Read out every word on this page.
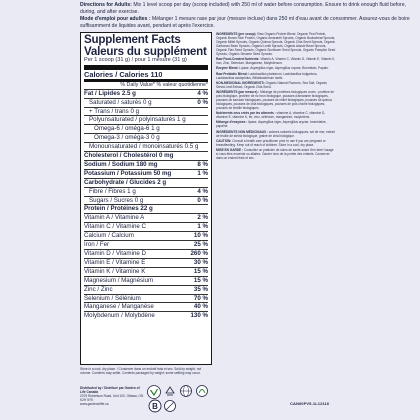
Directions for Adults: Mix 1 level scoop per day (scoop included) with 250 ml of water before consumption. Ensure to drink enough fluid before, during, and after exercise.

Mode d'emploi pour adultes : Mélanger 1 mesure rase par jour (mesure incluse) dans 250 ml d'eau avant de consommer. Assurez-vous de boire suffisamment de liquides avant, pendant et après l'exercice.

Supplement Facts
Valeurs du supplément
Per 1 scoop (31 g) / pour 1 mesure (31 g)
Calories / Calories 110
% Daily Value* % valeur quotidienne*
Fat / Lipides 2.5 g	4 %
Saturated / saturés 0 g	0 %
+ Trans / trans 0 g
Polyunsaturated / polyinsaturés 1 g
Omega-6 / oméga-6 1 g
Omega-3 / oméga-3 0 g
Monounsaturated / monoinsaturés 0.5 g
Cholesterol / Cholestérol 0 mg
Sodium / Sodium 180 mg	8 %
Potassium / Potassium 50 mg	1 %
Carbohydrate / Glucides 2 g
Fibre / Fibres 1 g	4 %
Sugars / Sucres 0 g	0 %
Protein / Protéines 22 g
Vitamin A / Vitamine A	2 %
Vitamin C / Vitamine C	1 %
Calcium / Calcium	10 %
Iron / Fer	25 %
Vitamin D / Vitamine D	260 %
Vitamin E / Vitamine E	30 %
Vitamin K / Vitamine K	15 %
Magnesium / Magnésium	15 %
Zinc / Zinc	35 %
Selenium / Sélénium	70 %
Manganese / Manganèse	40 %
Molybdenum / Molybdène	130 %

INGREDIENTS (per scoop): Raw Organic Protein Blend: Organic Pea Protein, Organic Brown Rice Protein, Organic Amaranth Sprouts, Organic Buckwheat Sprouts, Organic Millet Sprouts, Organic Quinoa Sprouts, Organic Chia Seed Sprouts, Organic Garbanzo Bean Sprouts, Organic Lentil Sprouts, Organic Adzuki Bean Sprouts, Organic Flax Seed Sprouts, Organic Sunflower Seed Sprouts, Organic Pumpkin Seed Sprouts, Organic Sesame Seed Sprouts.

Raw Food-Created Nutrients: Vitamin A, Vitamin C, Vitamin D, Vitamin E, Vitamin K, Iron, Zinc, Selenium, Manganese, Molybdenum.

Enzyme Blend: Lipase, Aspergillus niger, Aspergillus oryzae, Bromelain, Papain.

Raw Probiotic Blend: Lactobacillus plantarum, Lactobacillus bulgaricus, Lactobacillus acidophilus, Bifidobacterium lactis.

NON-MEDICINAL INGREDIENTS: Organic Natural Flavours, Sea Salt, Organic Stevia Leaf Extract, Organic Chia Seed.

INGRÉDIENTS (par mesure) : Mélange de protéines biologiques crues : protéine de pois biologique, protéine de riz brun biologique, pousses d'amarante biologiques, pousses de sarrasin biologiques, pousses de millet biologiques, pousses de quinoa biologiques, pousses de chia biologiques, pousses de pois chiche biologiques, pousses de lentille biologiques.

Nutriments crus créés par les aliments : vitamine A, vitamine C, vitamine D, vitamine E, vitamine K, fer, zinc, sélénium, manganèse, molybdène.

Mélange d'enzymes : lipase, Aspergillus niger, Aspergillus oryzae, bromélaïne, papaïne.

INGRÉDIENTS NON MÉDICINAUX : arômes naturels biologiques, sel de mer, extrait de feuille de stévia biologique, graine de chia biologique.

CAUTION: Consult a health care practitioner prior to use if you are pregnant or breastfeeding. Keep out of reach of children. Store in a cool, dry place.

MISE EN GARDE : Consultez un praticien de soins de santé avant d'en faire l'usage si vous êtes enceinte ou allaitez. Garder hors de la portée des enfants. Conserver dans un endroit frais et sec.

Store in a cool, dry place. / Conserver dans un endroit frais et sec. Sold by weight, not volume. Contents may settle. Contents packaged by weight; some settling may occur.
Distributed by / Distribué par Garden of Life Canada
2075 Robertson Road, Unit 100, Ottawa, ON K2H 5Y5
www.gardenoflife.ca	B	CAN00PV5-1L12116
